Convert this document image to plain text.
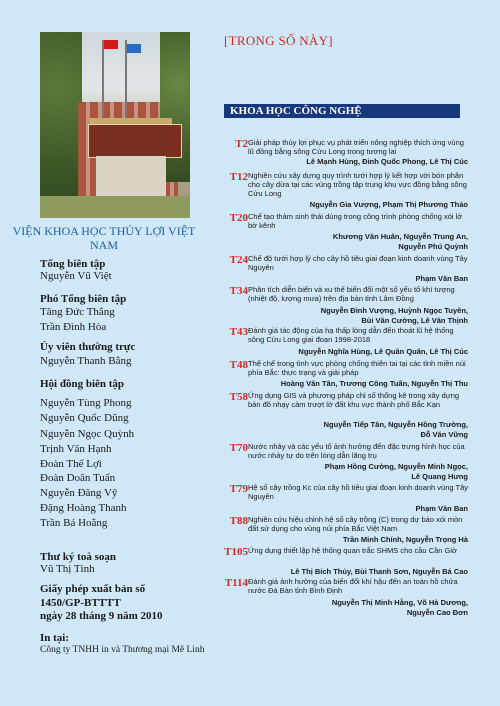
VIỆN KHOA HỌC THỦY LỢI VIỆT NAM
Tổng biên tập
Nguyễn Vũ Việt
Phó Tổng biên tập
Tăng Đức Thắng
Trần Đình Hòa
Ủy viên thường trực
Nguyễn Thanh Bằng
Hội đồng biên tập
Nguyễn Tùng Phong
Nguyễn Quốc Dũng
Nguyễn Ngọc Quỳnh
Trịnh Văn Hạnh
Đoàn Thế Lợi
Đoàn Doãn Tuấn
Nguyễn Đăng Vỹ
Đặng Hoàng Thanh
Trần Bá Hoằng
Thư ký toà soạn
Vũ Thị Tính
Giấy phép xuất bản số
1450/GP-BTTTT
ngày 28 tháng 9 năm 2010
In tại:
Công ty TNHH in và Thương mại Mê Linh
[TRONG SỐ NÀY]
KHOA HỌC CÔNG NGHỆ
T2 Giải pháp thủy lợi phục vụ phát triển nông nghiệp thích ứng vùng lũ đồng bằng sông Cửu Long trong tương lai
Lê Mạnh Hùng, Đinh Quốc Phong, Lê Thị Cúc
T12 Nghiên cứu xây dựng quy trình tưới hợp lý kết hợp với bón phân cho cây dừa tại các vùng trồng tập trung khu vực đồng bằng sông Cửu Long
Nguyễn Gia Vượng, Phạm Thị Phương Thảo
T20 Chế tạo thảm sinh thái dùng trong công trình phòng chống xói lở bờ kênh
Khương Văn Huân, Nguyễn Trung An,
Nguyễn Phú Quỳnh
T24 Chế độ tưới hợp lý cho cây hồ tiêu giai đoạn kinh doanh vùng Tây Nguyên
Phạm Văn Ban
T34 Phân tích diễn biến và xu thế biến đổi một số yếu tố khí tượng (nhiệt độ, lượng mưa) trên địa bàn tỉnh Lâm Đồng
Nguyễn Đình Vượng, Huỳnh Ngọc Tuyên,
Bùi Văn Cường, Lê Văn Thịnh
T43 Đánh giá tác động của hạ thấp lòng dẫn đến thoát lũ hệ thống sông Cửu Long giai đoạn 1998-2018
Nguyễn Nghĩa Hùng, Lê Quân Quân, Lê Thị Cúc
T48 Thể chế trong tình vực phòng chống thiên tai tại các tỉnh miền núi phía Bắc: thực trạng và giải pháp
Hoàng Văn Tân, Trương Công Tuấn, Nguyễn Thị Thu
T58 Ứng dụng GIS và phương pháp chỉ số thống kê trong xây dựng bản đồ nhạy cảm trượt lở đất khu vực thành phố Bắc Kạn
Nguyễn Tiếp Tân, Nguyễn Hồng Trường,
Đỗ Văn Vững
T70 Nước nhảy và các yếu tố ảnh hưởng đến đặc trưng hình học của nước nhảy tự do trên lòng dẫn lăng trụ
Phạm Hồng Cường, Nguyễn Minh Ngọc,
Lê Quang Hưng
T79 Hệ số cây trồng Kc của cây hồ tiêu giai đoạn kinh doanh vùng Tây Nguyên
Phạm Văn Ban
T88 Nghiên cứu hiệu chỉnh hệ số cây trồng (C) trong dự báo xói mòn đất sử dụng cho vùng núi phía Bắc Việt Nam
Trần Minh Chính, Nguyễn Trọng Hà
T105 Ứng dụng thiết lập hệ thống quan trắc SHMS cho cầu Cần Giờ
Lê Thị Bích Thủy, Bùi Thanh Sơn, Nguyễn Bá Cao
T114 Đánh giá ảnh hưởng của biến đổi khí hậu đến an toàn hồ chứa nước Đá Bàn tỉnh Bình Định
Nguyễn Thị Minh Hằng, Võ Hà Dương,
Nguyễn Cao Đơn
